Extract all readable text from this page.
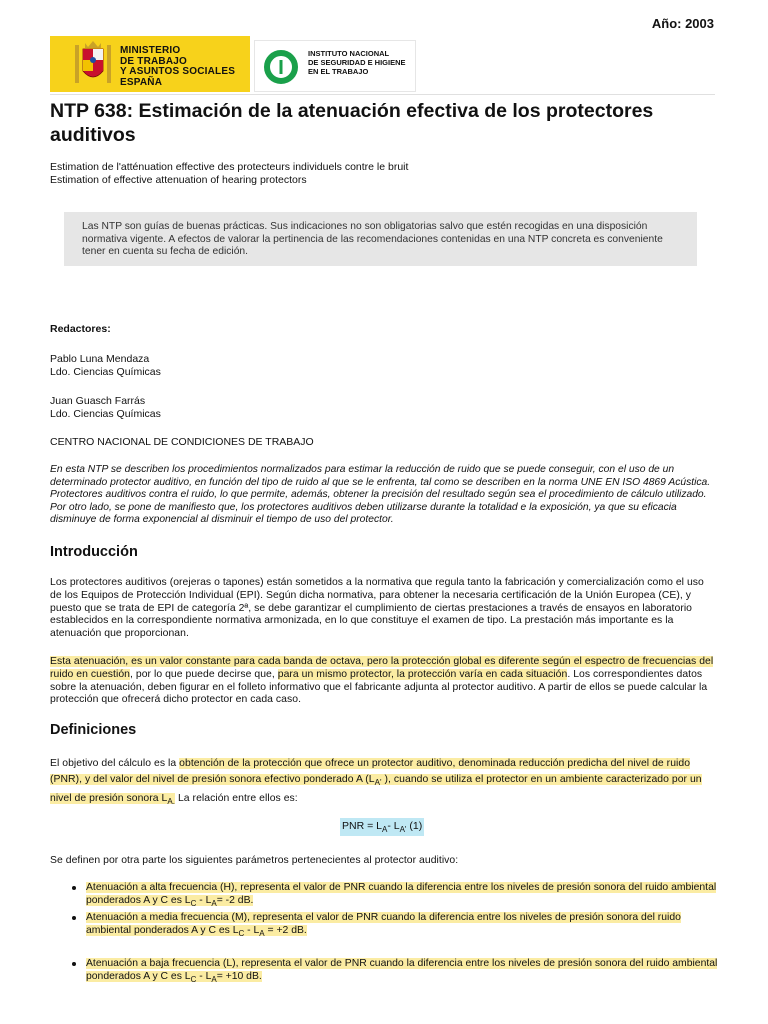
Año: 2003
MINISTERIO
DE TRABAJO
Y ASUNTOS SOCIALES
ESPAÑA
INSTITUTO NACIONAL
DE SEGURIDAD E HIGIENE
EN EL TRABAJO
NTP 638: Estimación de la atenuación efectiva de los protectores auditivos
Estimation de l'atténuation effective des protecteurs individuels contre le bruit
Estimation of effective attenuation of hearing protectors

Las NTP son guías de buenas prácticas. Sus indicaciones no son obligatorias salvo que estén recogidas en una disposición normativa vigente. A efectos de valorar la pertinencia de las recomendaciones contenidas en una NTP concreta es conveniente tener en cuenta su fecha de edición.

Redactores:
Pablo Luna Mendaza
Ldo. Ciencias Químicas
Juan Guasch Farrás
Ldo. Ciencias Químicas
CENTRO NACIONAL DE CONDICIONES DE TRABAJO
En esta NTP se describen los procedimientos normalizados para estimar la reducción de ruido que se puede conseguir, con el uso de un determinado protector auditivo, en función del tipo de ruido al que se le enfrenta, tal como se describen en la norma UNE EN ISO 4869 Acústica. Protectores auditivos contra el ruido, lo que permite, además, obtener la precisión del resultado según sea el procedimiento de cálculo utilizado. Por otro lado, se pone de manifiesto que, los protectores auditivos deben utilizarse durante la totalidad e la exposición, ya que su eficacia disminuye de forma exponencial al disminuir el tiempo de uso del protector.
Introducción
Los protectores auditivos (orejeras o tapones) están sometidos a la normativa que regula tanto la fabricación y comercialización como el uso de los Equipos de Protección Individual (EPI). Según dicha normativa, para obtener la necesaria certificación de la Unión Europea (CE), y puesto que se trata de EPI de categoría 2ª, se debe garantizar el cumplimiento de ciertas prestaciones a través de ensayos en laboratorio establecidos en la correspondiente normativa armonizada, en lo que constituye el examen de tipo. La prestación más importante es la atenuación que proporcionan.
Esta atenuación, es un valor constante para cada banda de octava, pero la protección global es diferente según el espectro de frecuencias del ruido en cuestión, por lo que puede decirse que, para un mismo protector, la protección varía en cada situación. Los correspondientes datos sobre la atenuación, deben figurar en el folleto informativo que el fabricante adjunta al protector auditivo. A partir de ellos se puede calcular la protección que ofrecerá dicho protector en cada caso.
Definiciones
El objetivo del cálculo es la obtención de la protección que ofrece un protector auditivo, denominada reducción predicha del nivel de ruido (PNR), y del valor del nivel de presión sonora efectivo ponderado A ($L_{A'}$ ), cuando se utiliza el protector en un ambiente caracterizado por un nivel de presión sonora $L_{A.}$ La relación entre ellos es:
PNR = $L_A-$ $L_{A'}$ (1)
Se definen por otra parte los siguientes parámetros pertenecientes al protector auditivo:
Atenuación a alta frecuencia (H), representa el valor de PNR cuando la diferencia entre los niveles de presión sonora del ruido ambiental ponderados A y C es $L_C - L_A= -2$ dB.
Atenuación a media frecuencia (M), representa el valor de PNR cuando la diferencia entre los niveles de presión sonora del ruido ambiental ponderados A y C es $L_C - L_A = +2$ dB.
Atenuación a baja frecuencia (L), representa el valor de PNR cuando la diferencia entre los niveles de presión sonora del ruido ambiental ponderados A y C es $L_C - L_A= +10$ dB.
